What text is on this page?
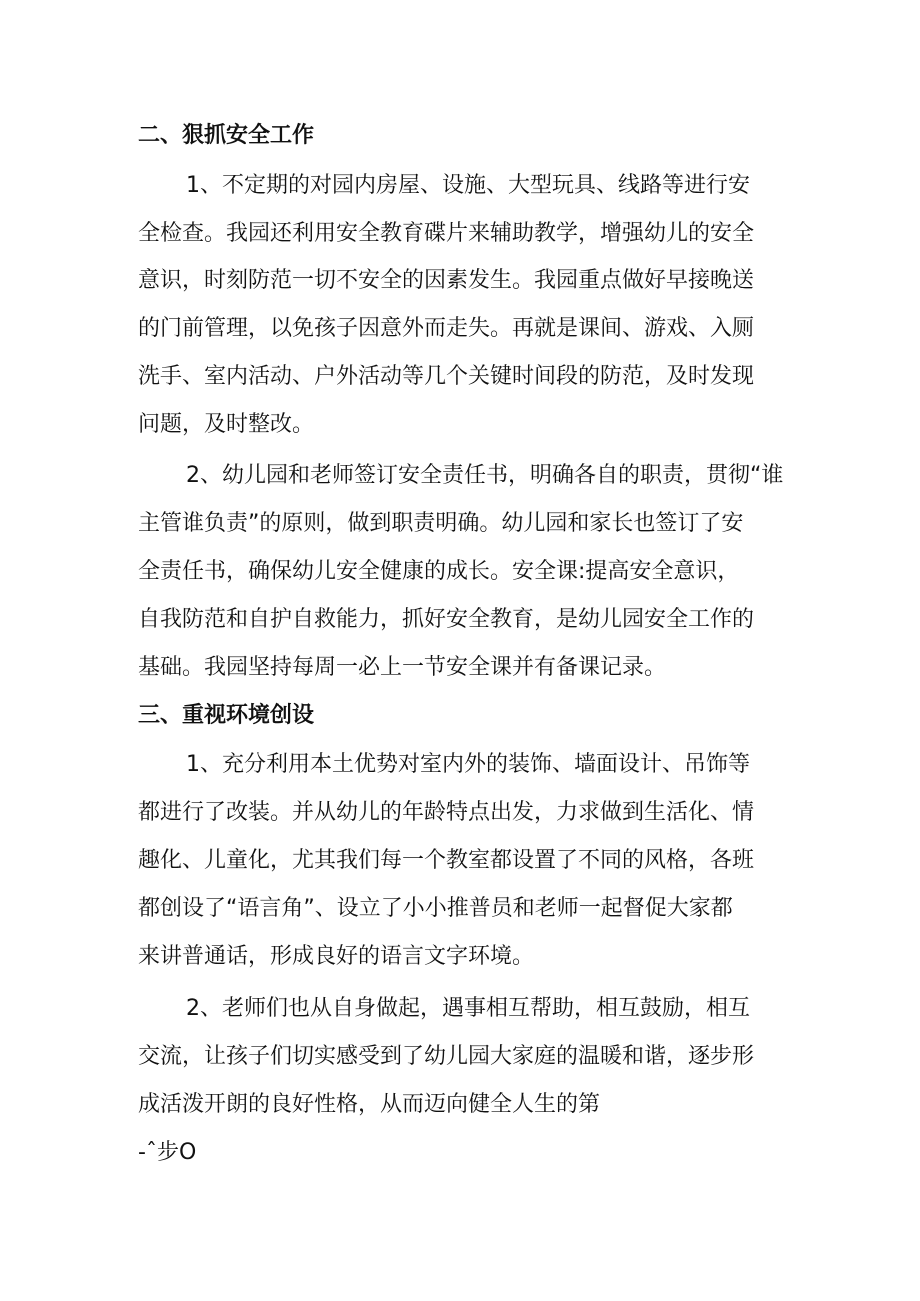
二、狠抓安全工作
1、不定期的对园内房屋、设施、大型玩具、线路等进行安
全检查。我园还利用安全教育碟片来辅助教学，增强幼儿的安全
意识，时刻防范一切不安全的因素发生。我园重点做好早接晚送
的门前管理，以免孩子因意外而走失。再就是课间、游戏、入厕
洗手、室内活动、户外活动等几个关键时间段的防范，及时发现
问题，及时整改。
2、幼儿园和老师签订安全责任书，明确各自的职责，贯彻“谁
主管谁负责”的原则，做到职责明确。幼儿园和家长也签订了安
全责任书，确保幼儿安全健康的成长。安全课:提高安全意识，
自我防范和自护自救能力，抓好安全教育，是幼儿园安全工作的
基础。我园坚持每周一必上一节安全课并有备课记录。
三、重视环境创设
1、充分利用本土优势对室内外的装饰、墙面设计、吊饰等
都进行了改装。并从幼儿的年龄特点出发，力求做到生活化、情
趣化、儿童化，尤其我们每一个教室都设置了不同的风格，各班
都创设了“语言角”、设立了小小推普员和老师一起督促大家都
来讲普通话，形成良好的语言文字环境。
2、老师们也从自身做起，遇事相互帮助，相互鼓励，相互
交流，让孩子们切实感受到了幼儿园大家庭的温暖和谐，逐步形
成活泼开朗的良好性格，从而迈向健全人生的第
-ˆ步O
